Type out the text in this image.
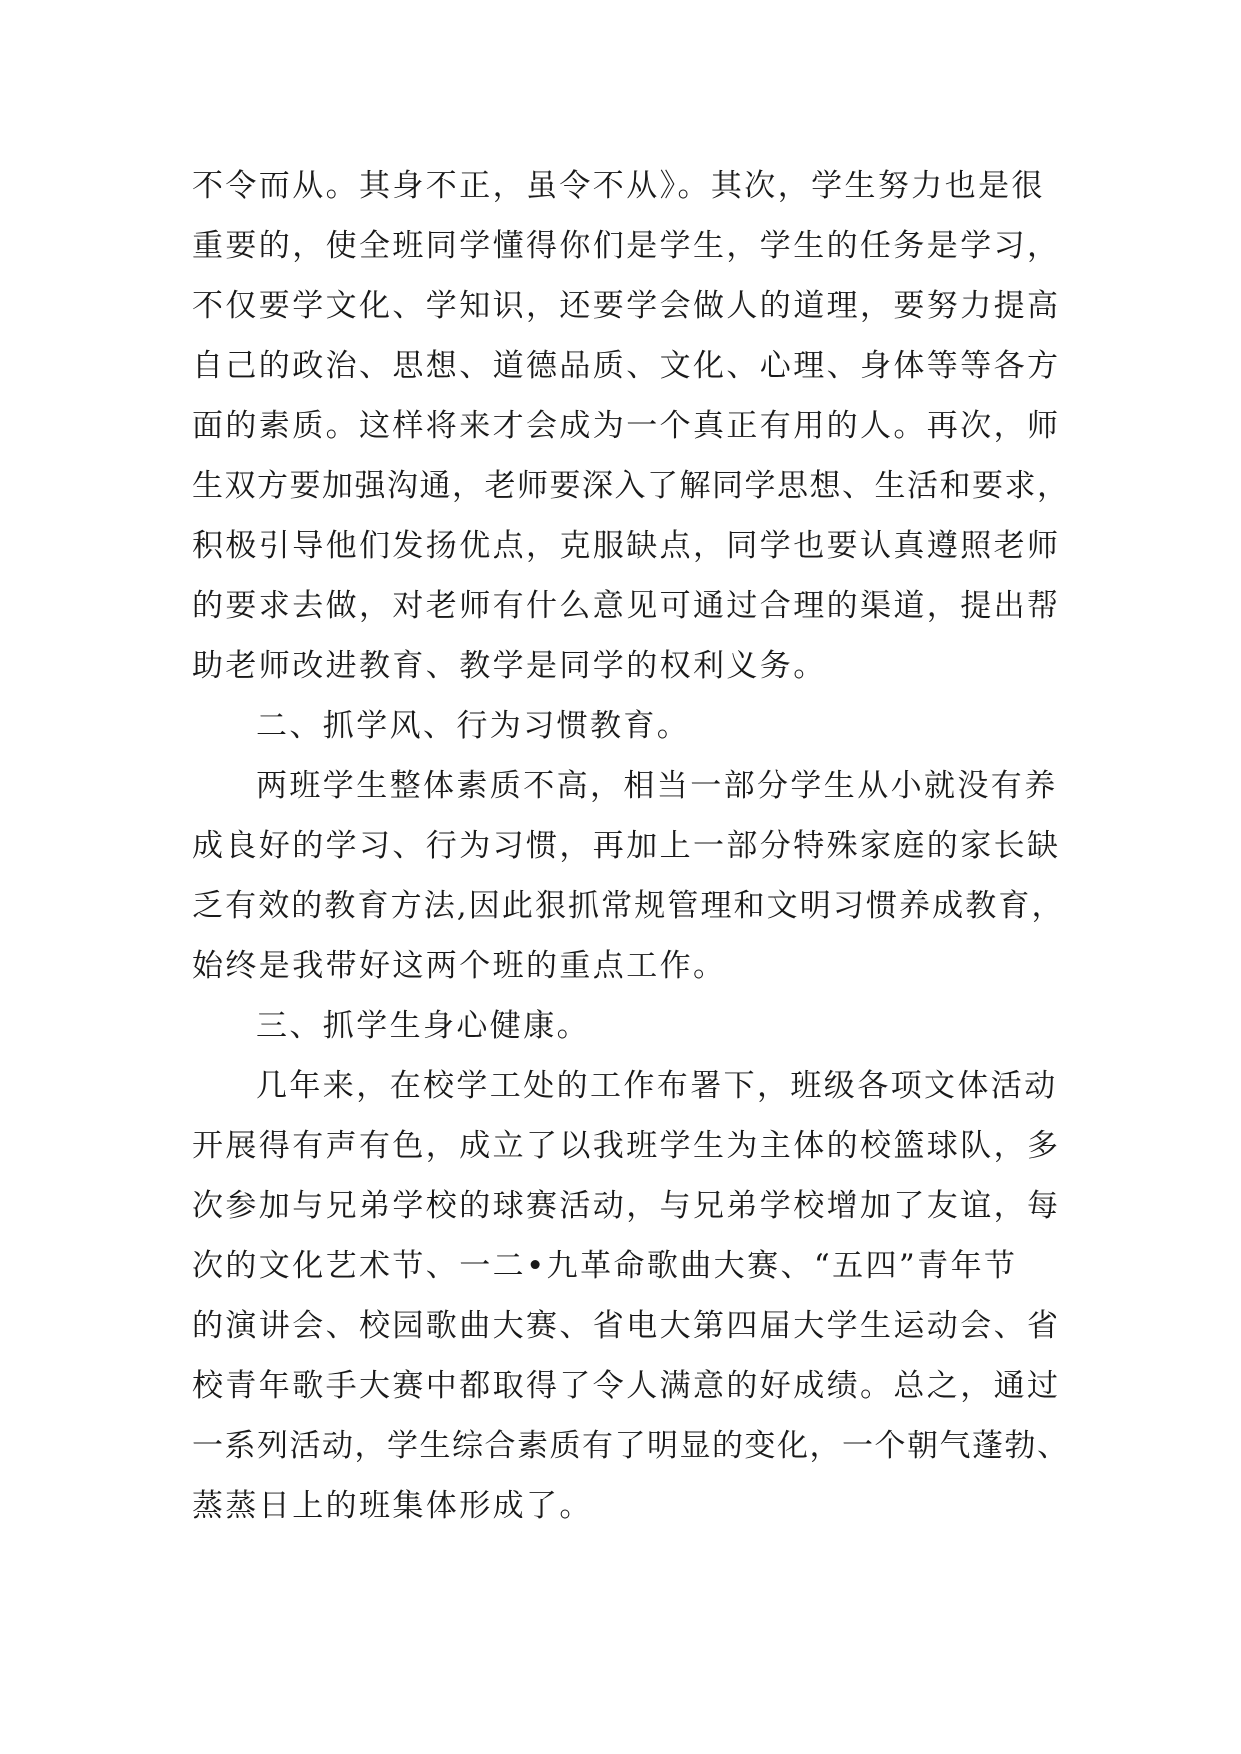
不令而从。其身不正，虽令不从》。其次，学生努力也是很
重要的，使全班同学懂得你们是学生，学生的任务是学习，
不仅要学文化、学知识，还要学会做人的道理，要努力提高
自己的政治、思想、道德品质、文化、心理、身体等等各方
面的素质。这样将来才会成为一个真正有用的人。再次，师
生双方要加强沟通，老师要深入了解同学思想、生活和要求，
积极引导他们发扬优点，克服缺点，同学也要认真遵照老师
的要求去做，对老师有什么意见可通过合理的渠道，提出帮
助老师改进教育、教学是同学的权利义务。
二、抓学风、行为习惯教育。
两班学生整体素质不高，相当一部分学生从小就没有养
成良好的学习、行为习惯，再加上一部分特殊家庭的家长缺
乏有效的教育方法,因此狠抓常规管理和文明习惯养成教育，
始终是我带好这两个班的重点工作。
三、抓学生身心健康。
几年来，在校学工处的工作布署下，班级各项文体活动
开展得有声有色，成立了以我班学生为主体的校篮球队，多
次参加与兄弟学校的球赛活动，与兄弟学校增加了友谊，每
次的文化艺术节、一二•九革命歌曲大赛、“五四”青年节
的演讲会、校园歌曲大赛、省电大第四届大学生运动会、省
校青年歌手大赛中都取得了令人满意的好成绩。总之，通过
一系列活动，学生综合素质有了明显的变化，一个朝气蓬勃、
蒸蒸日上的班集体形成了。
